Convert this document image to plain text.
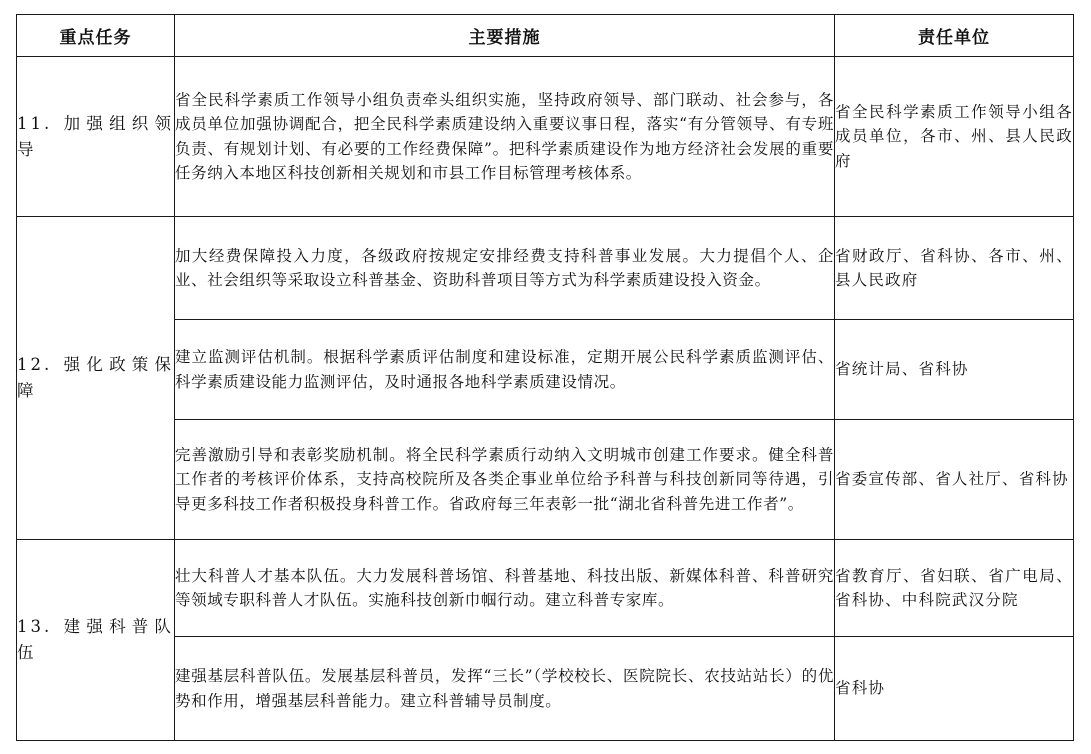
重点任务	主要措施	责任单位
11. 加强组织领导	省全民科学素质工作领导小组负责牵头组织实施，坚持政府领导、部门联动、社会参与，各成员单位加强协调配合，把全民科学素质建设纳入重要议事日程，落实“有分管领导、有专班负责、有规划计划、有必要的工作经费保障”。把科学素质建设作为地方经济社会发展的重要任务纳入本地区科技创新相关规划和市县工作目标管理考核体系。	省全民科学素质工作领导小组各成员单位，各市、州、县人民政府
12. 强化政策保障	加大经费保障投入力度，各级政府按规定安排经费支持科普事业发展。大力提倡个人、企业、社会组织等采取设立科普基金、资助科普项目等方式为科学素质建设投入资金。	省财政厅、省科协、各市、州、县人民政府
	建立监测评估机制。根据科学素质评估制度和建设标准，定期开展公民科学素质监测评估、科学素质建设能力监测评估，及时通报各地科学素质建设情况。	省统计局、省科协
	完善激励引导和表彰奖励机制。将全民科学素质行动纳入文明城市创建工作要求。健全科普工作者的考核评价体系，支持高校院所及各类企事业单位给予科普与科技创新同等待遇，引导更多科技工作者积极投身科普工作。省政府每三年表彰一批“湖北省科普先进工作者”。	省委宣传部、省人社厅、省科协
13. 建强科普队伍	壮大科普人才基本队伍。大力发展科普场馆、科普基地、科技出版、新媒体科普、科普研究等领域专职科普人才队伍。实施科技创新巾帼行动。建立科普专家库。	省教育厅、省妇联、省广电局、省科协、中科院武汉分院
	建强基层科普队伍。发展基层科普员，发挥“三长”（学校校长、医院院长、农技站站长）的优势和作用，增强基层科普能力。建立科普辅导员制度。	省科协
